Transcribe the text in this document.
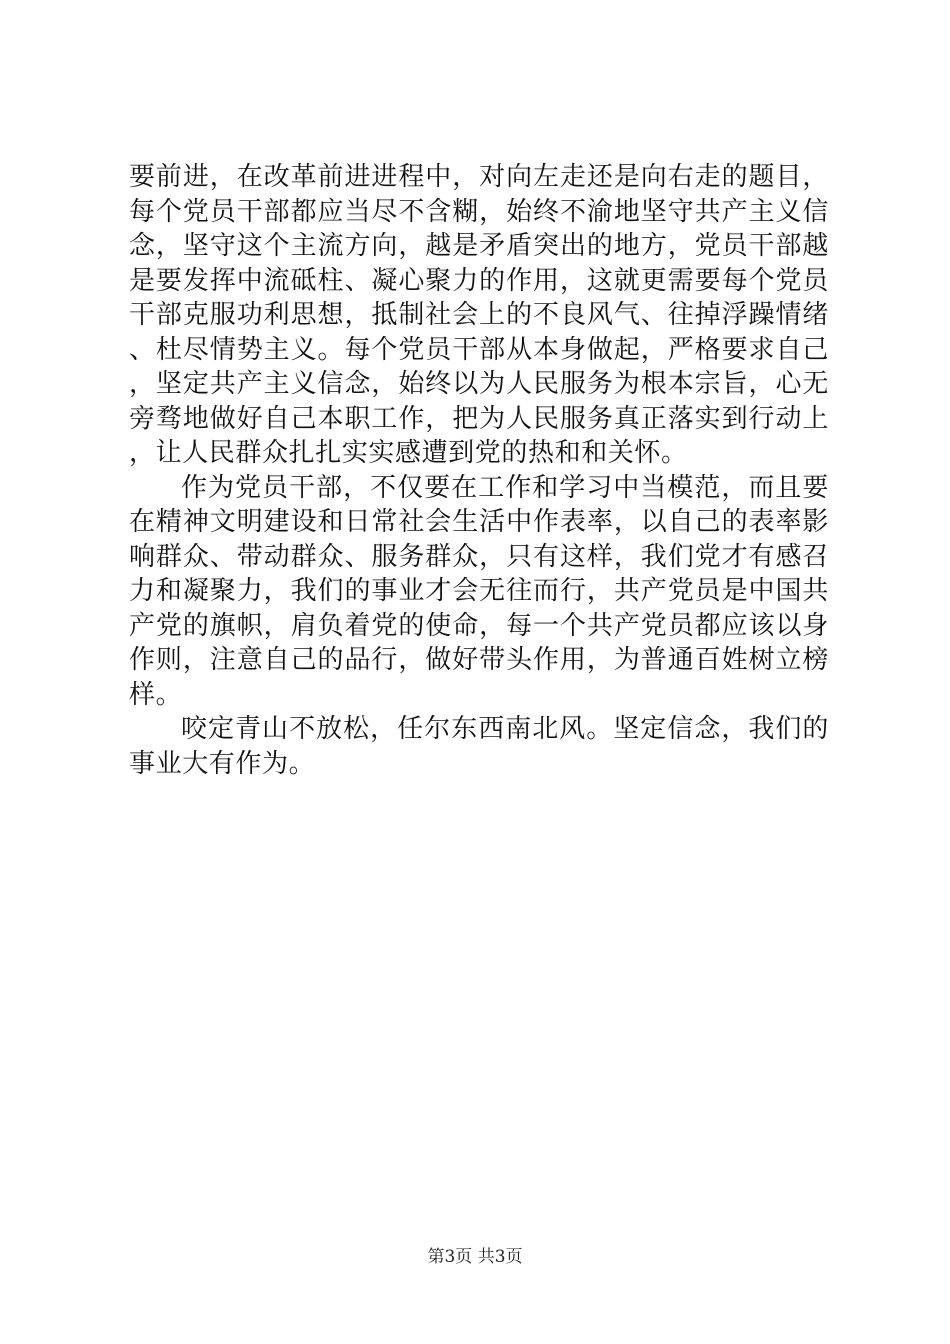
要前进，在改革前进进程中，对向左走还是向右走的题目，每个党员干部都应当尽不含糊，始终不渝地坚守共产主义信念，坚守这个主流方向，越是矛盾突出的地方，党员干部越是要发挥中流砥柱、凝心聚力的作用，这就更需要每个党员干部克服功利思想，抵制社会上的不良风气、往掉浮躁情绪、杜尽情势主义。每个党员干部从本身做起，严格要求自己，坚定共产主义信念，始终以为人民服务为根本宗旨，心无旁骛地做好自己本职工作，把为人民服务真正落实到行动上，让人民群众扎扎实实感遭到党的热和和关怀。

作为党员干部，不仅要在工作和学习中当模范，而且要在精神文明建设和日常社会生活中作表率，以自己的表率影响群众、带动群众、服务群众，只有这样，我们党才有感召力和凝聚力，我们的事业才会无往而行，共产党员是中国共产党的旗帜，肩负着党的使命，每一个共产党员都应该以身作则，注意自己的品行，做好带头作用，为普通百姓树立榜样。

咬定青山不放松，任尔东西南北风。坚定信念，我们的事业大有作为。

第3页 共3页
